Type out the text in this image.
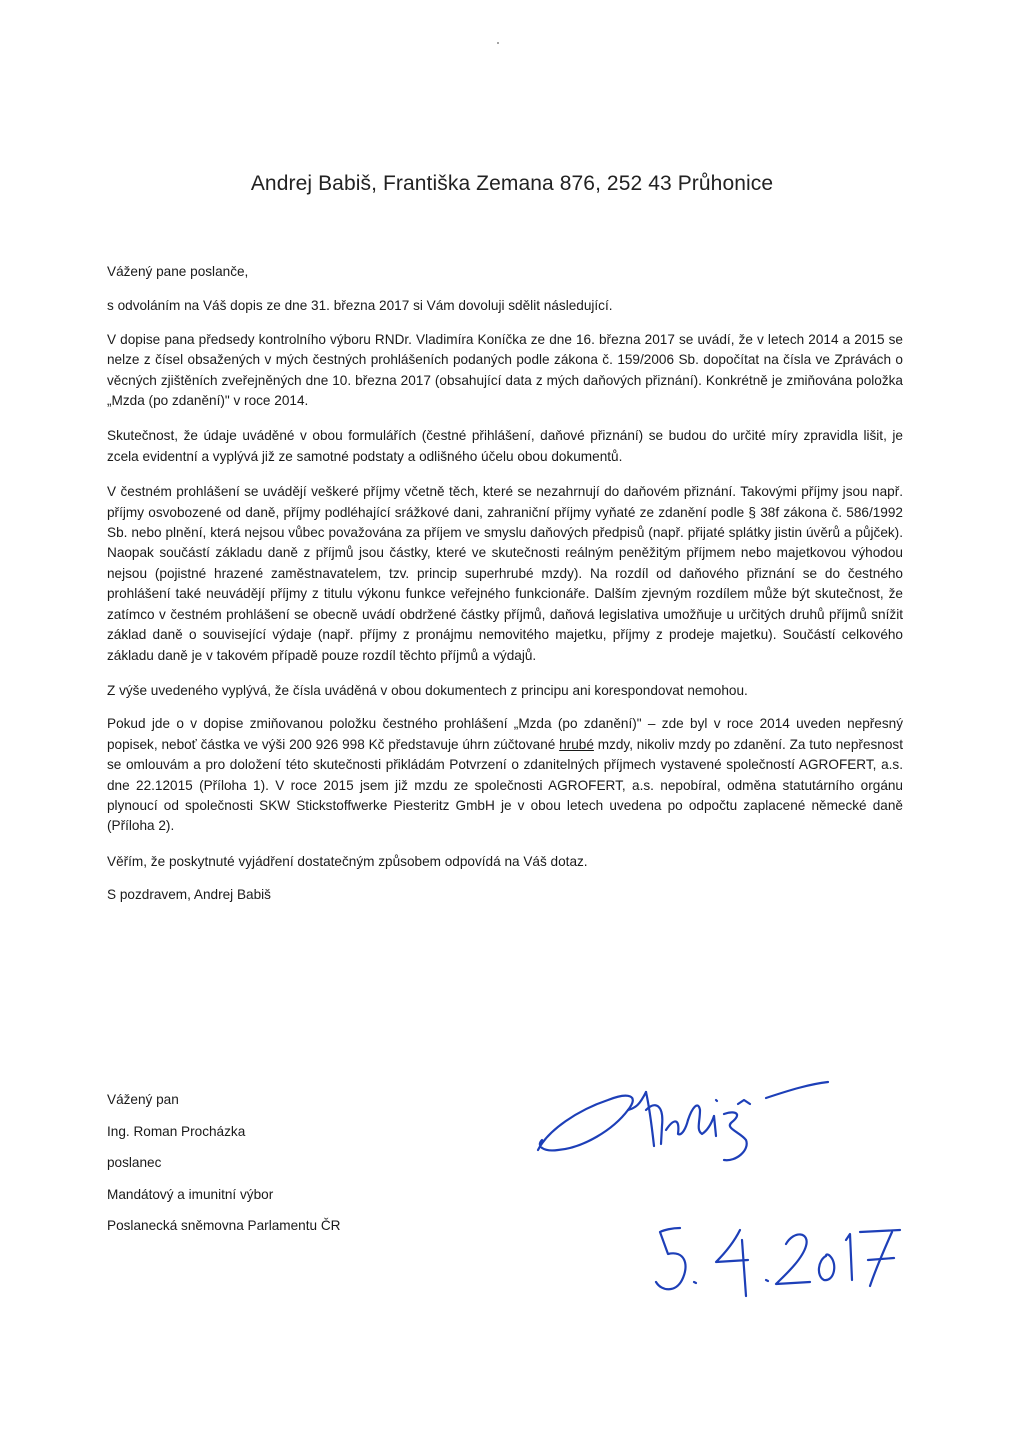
Andrej Babiš, Františka Zemana 876, 252 43 Průhonice

Vážený pane poslanče,

s odvoláním na Váš dopis ze dne 31. března 2017 si Vám dovoluji sdělit následující.

V dopise pana předsedy kontrolního výboru RNDr. Vladimíra Koníčka ze dne 16. března 2017 se uvádí, že v letech 2014 a 2015 se nelze z čísel obsažených v mých čestných prohlášeních podaných podle zákona č. 159/2006 Sb. dopočítat na čísla ve Zprávách o věcných zjištěních zveřejněných dne 10. března 2017 (obsahující data z mých daňových přiznání). Konkrétně je zmiňována položka „Mzda (po zdanění)" v roce 2014.

Skutečnost, že údaje uváděné v obou formulářích (čestné přihlášení, daňové přiznání) se budou do určité míry zpravidla lišit, je zcela evidentní a vyplývá již ze samotné podstaty a odlišného účelu obou dokumentů.

V čestném prohlášení se uvádějí veškeré příjmy včetně těch, které se nezahrnují do daňovém přiznání. Takovými příjmy jsou např. příjmy osvobozené od daně, příjmy podléhající srážkové dani, zahraniční příjmy vyňaté ze zdanění podle § 38f zákona č. 586/1992 Sb. nebo plnění, která nejsou vůbec považována za příjem ve smyslu daňových předpisů (např. přijaté splátky jistin úvěrů a půjček). Naopak součástí základu daně z příjmů jsou částky, které ve skutečnosti reálným peněžitým příjmem nebo majetkovou výhodou nejsou (pojistné hrazené zaměstnavatelem, tzv. princip superhrubé mzdy). Na rozdíl od daňového přiznání se do čestného prohlášení také neuvádějí příjmy z titulu výkonu funkce veřejného funkcionáře. Dalším zjevným rozdílem může být skutečnost, že zatímco v čestném prohlášení se obecně uvádí obdržené částky příjmů, daňová legislativa umožňuje u určitých druhů příjmů snížit základ daně o související výdaje (např. příjmy z pronájmu nemovitého majetku, příjmy z prodeje majetku). Součástí celkového základu daně je v takovém případě pouze rozdíl těchto příjmů a výdajů.

Z výše uvedeného vyplývá, že čísla uváděná v obou dokumentech z principu ani korespondovat nemohou.

Pokud jde o v dopise zmiňovanou položku čestného prohlášení „Mzda (po zdanění)" – zde byl v roce 2014 uveden nepřesný popisek, neboť částka ve výši 200 926 998 Kč představuje úhrn zúčtované hrubé mzdy, nikoliv mzdy po zdanění. Za tuto nepřesnost se omlouvám a pro doložení této skutečnosti přikládám Potvrzení o zdanitelných příjmech vystavené společností AGROFERT, a.s. dne 22.12015 (Příloha 1). V roce 2015 jsem již mzdu ze společnosti AGROFERT, a.s. nepobíral, odměna statutárního orgánu plynoucí od společnosti SKW Stickstoffwerke Piesteritz GmbH je v obou letech uvedena po odpočtu zaplacené německé daně (Příloha 2).

Věřím, že poskytnuté vyjádření dostatečným způsobem odpovídá na Váš dotaz.

S pozdravem, Andrej Babiš

Vážený pan
Ing. Roman Procházka
poslanec
Mandátový a imunitní výbor
Poslanecká sněmovna Parlamentu ČR
